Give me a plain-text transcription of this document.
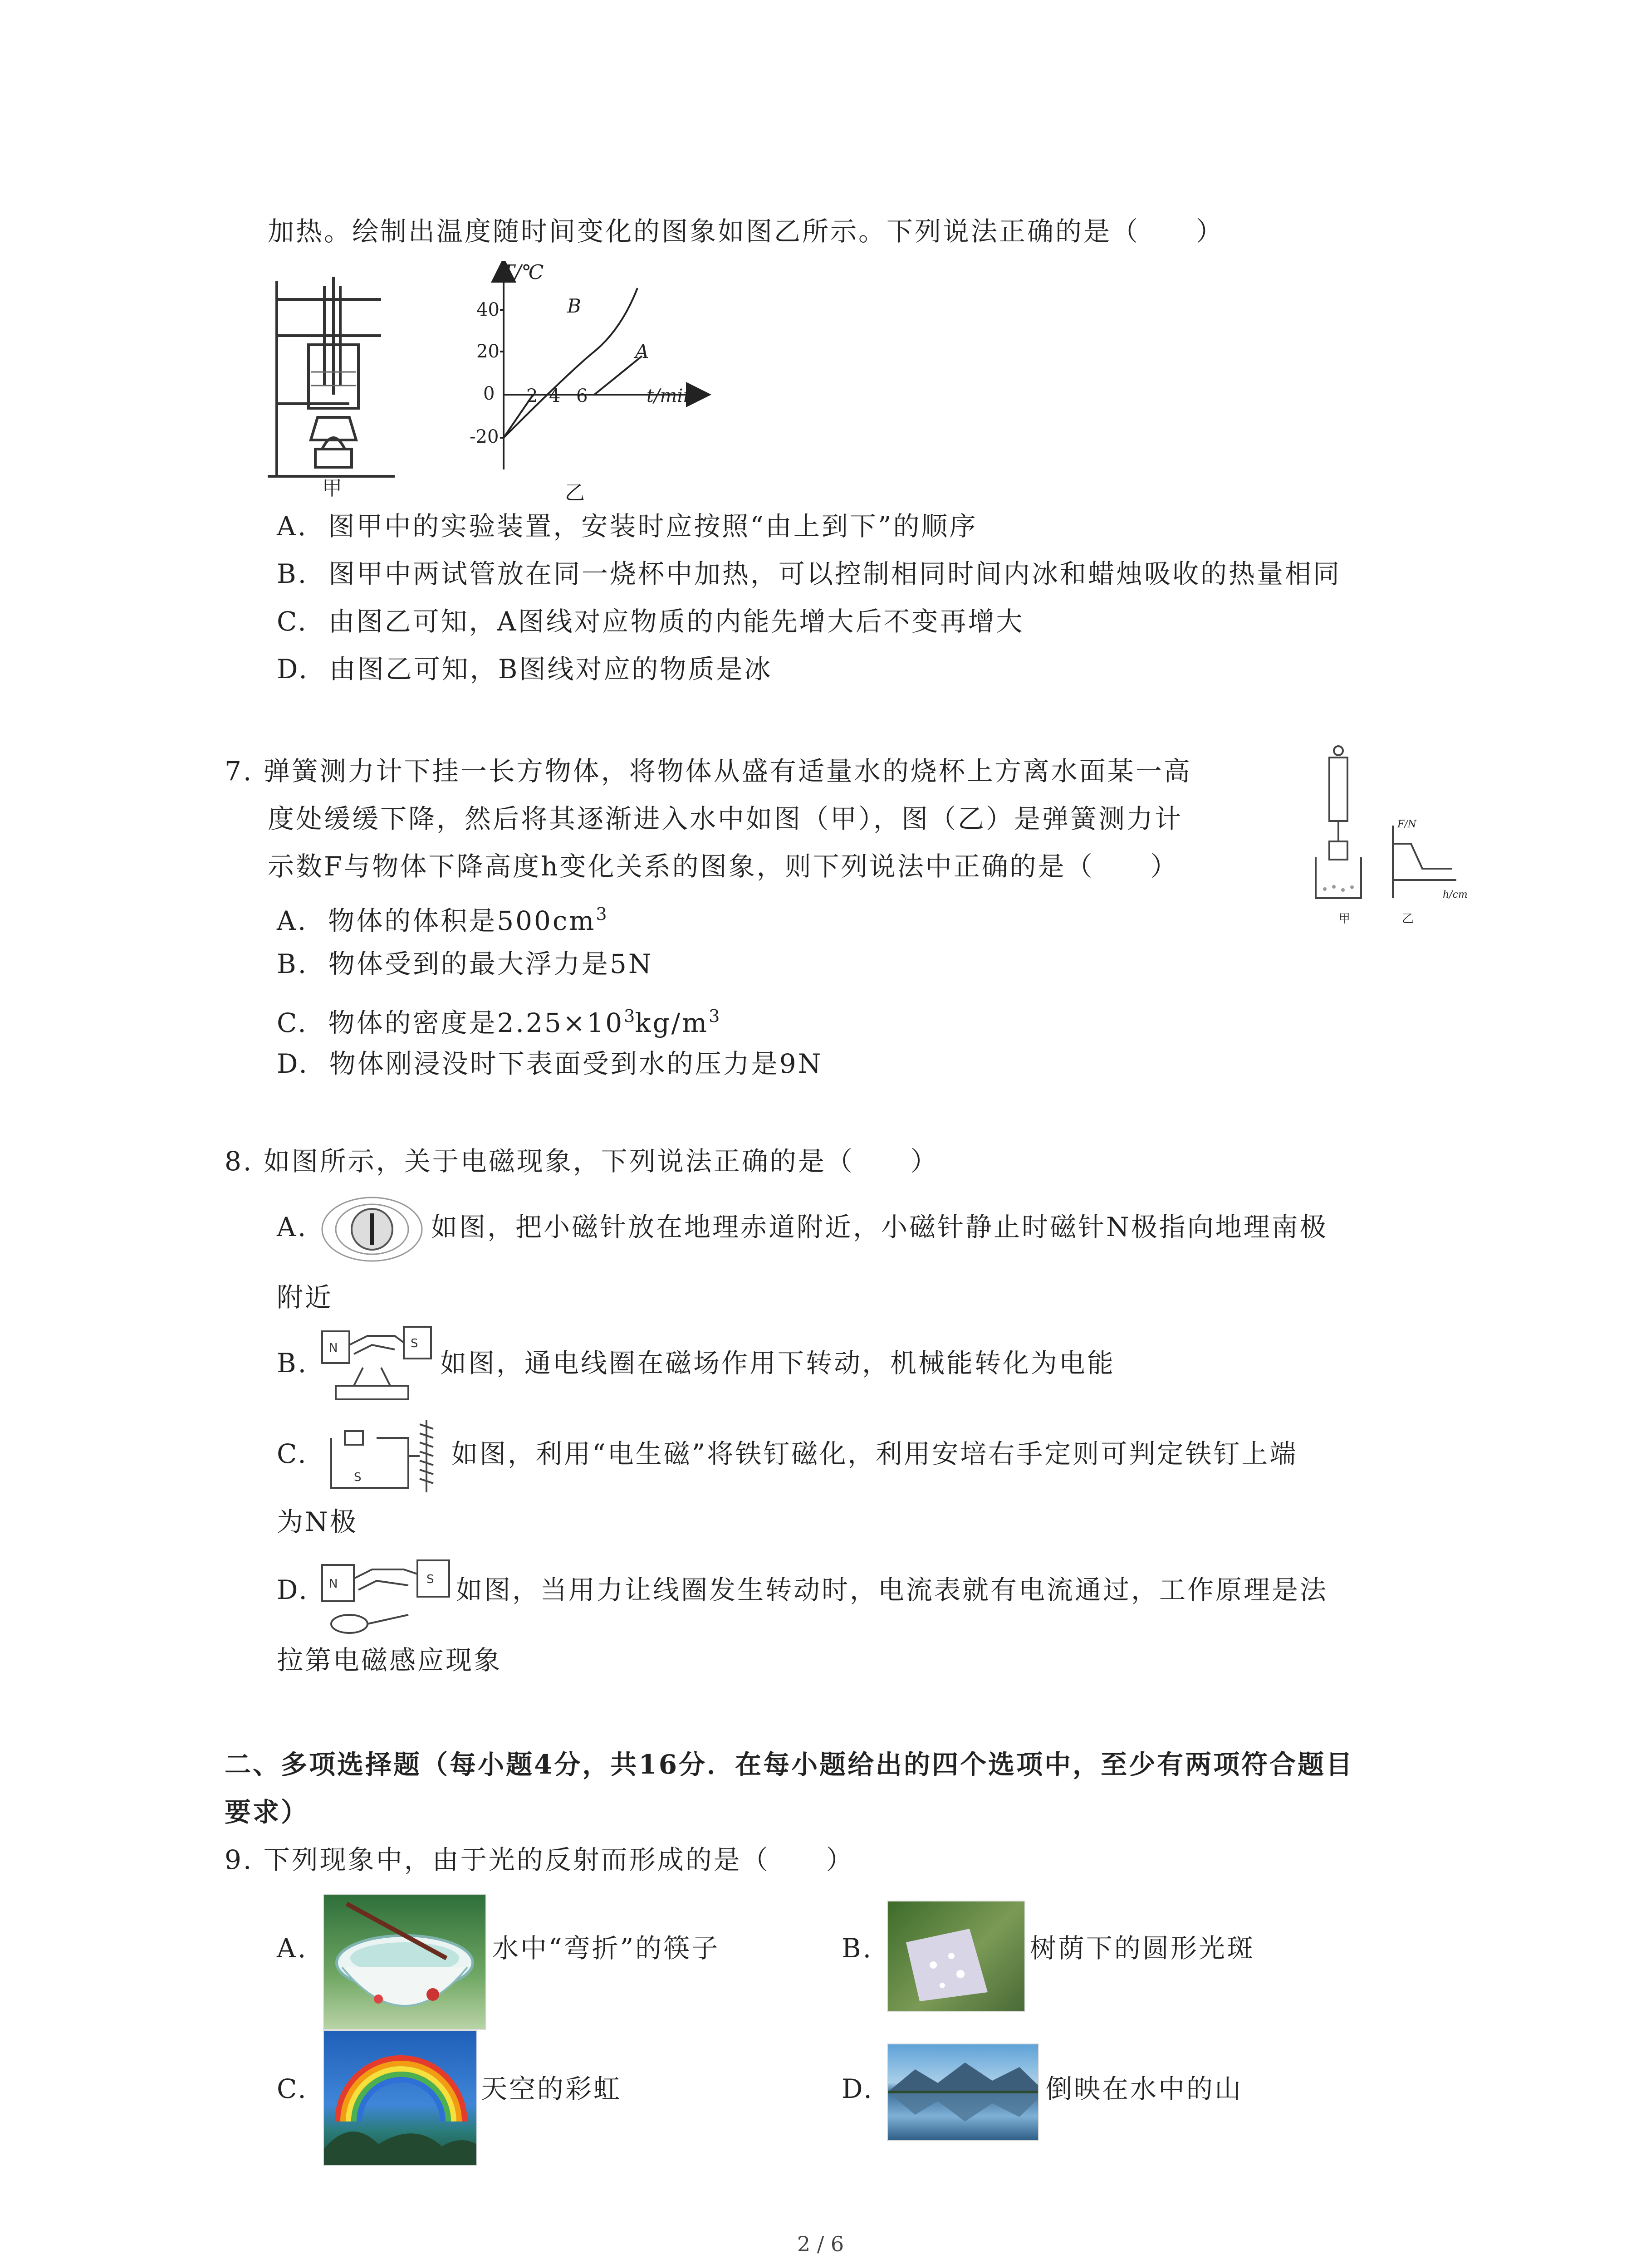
加热。绘制出温度随时间变化的图象如图乙所示。下列说法正确的是（　　）
甲
T/℃
t/min
40
20
0
-20
2 4 6
B
A
乙
A. 图甲中的实验装置，安装时应按照“由上到下”的顺序
B. 图甲中两试管放在同一烧杯中加热，可以控制相同时间内冰和蜡烛吸收的热量相同
C. 由图乙可知，A图线对应物质的内能先增大后不变再增大
D. 由图乙可知，B图线对应的物质是冰
7. 弹簧测力计下挂一长方物体，将物体从盛有适量水的烧杯上方离水面某一高
度处缓缓下降，然后将其逐渐进入水中如图（甲），图（乙）是弹簧测力计
示数F与物体下降高度h变化关系的图象，则下列说法中正确的是（　　）
甲	乙
F/N
h/cm
A. 物体的体积是$500cm^3$
B. 物体受到的最大浮力是5N
C. 物体的密度是$2.25\times 10^3kg/m^3$
D. 物体刚浸没时下表面受到水的压力是9N
8. 如图所示，关于电磁现象，下列说法正确的是（　　）
A.	如图，把小磁针放在地理赤道附近，小磁针静止时磁针N极指向地理南极
附近
B. N	S
如图，通电线圈在磁场作用下转动，机械能转化为电能
C.
S
如图，利用“电生磁”将铁钉磁化，利用安培右手定则可判定铁钉上端
为N极
D. N	S 如图，当用力让线圈发生转动时，电流表就有电流通过，工作原理是法
拉第电磁感应现象
二、多项选择题（每小题4分，共16分．在每小题给出的四个选项中，至少有两项符合题目
要求）
9. 下列现象中，由于光的反射而形成的是（　　）
A.	水中“弯折”的筷子	B.	树荫下的圆形光斑
C.	天空的彩虹	D.	倒映在水中的山
2 / 6
